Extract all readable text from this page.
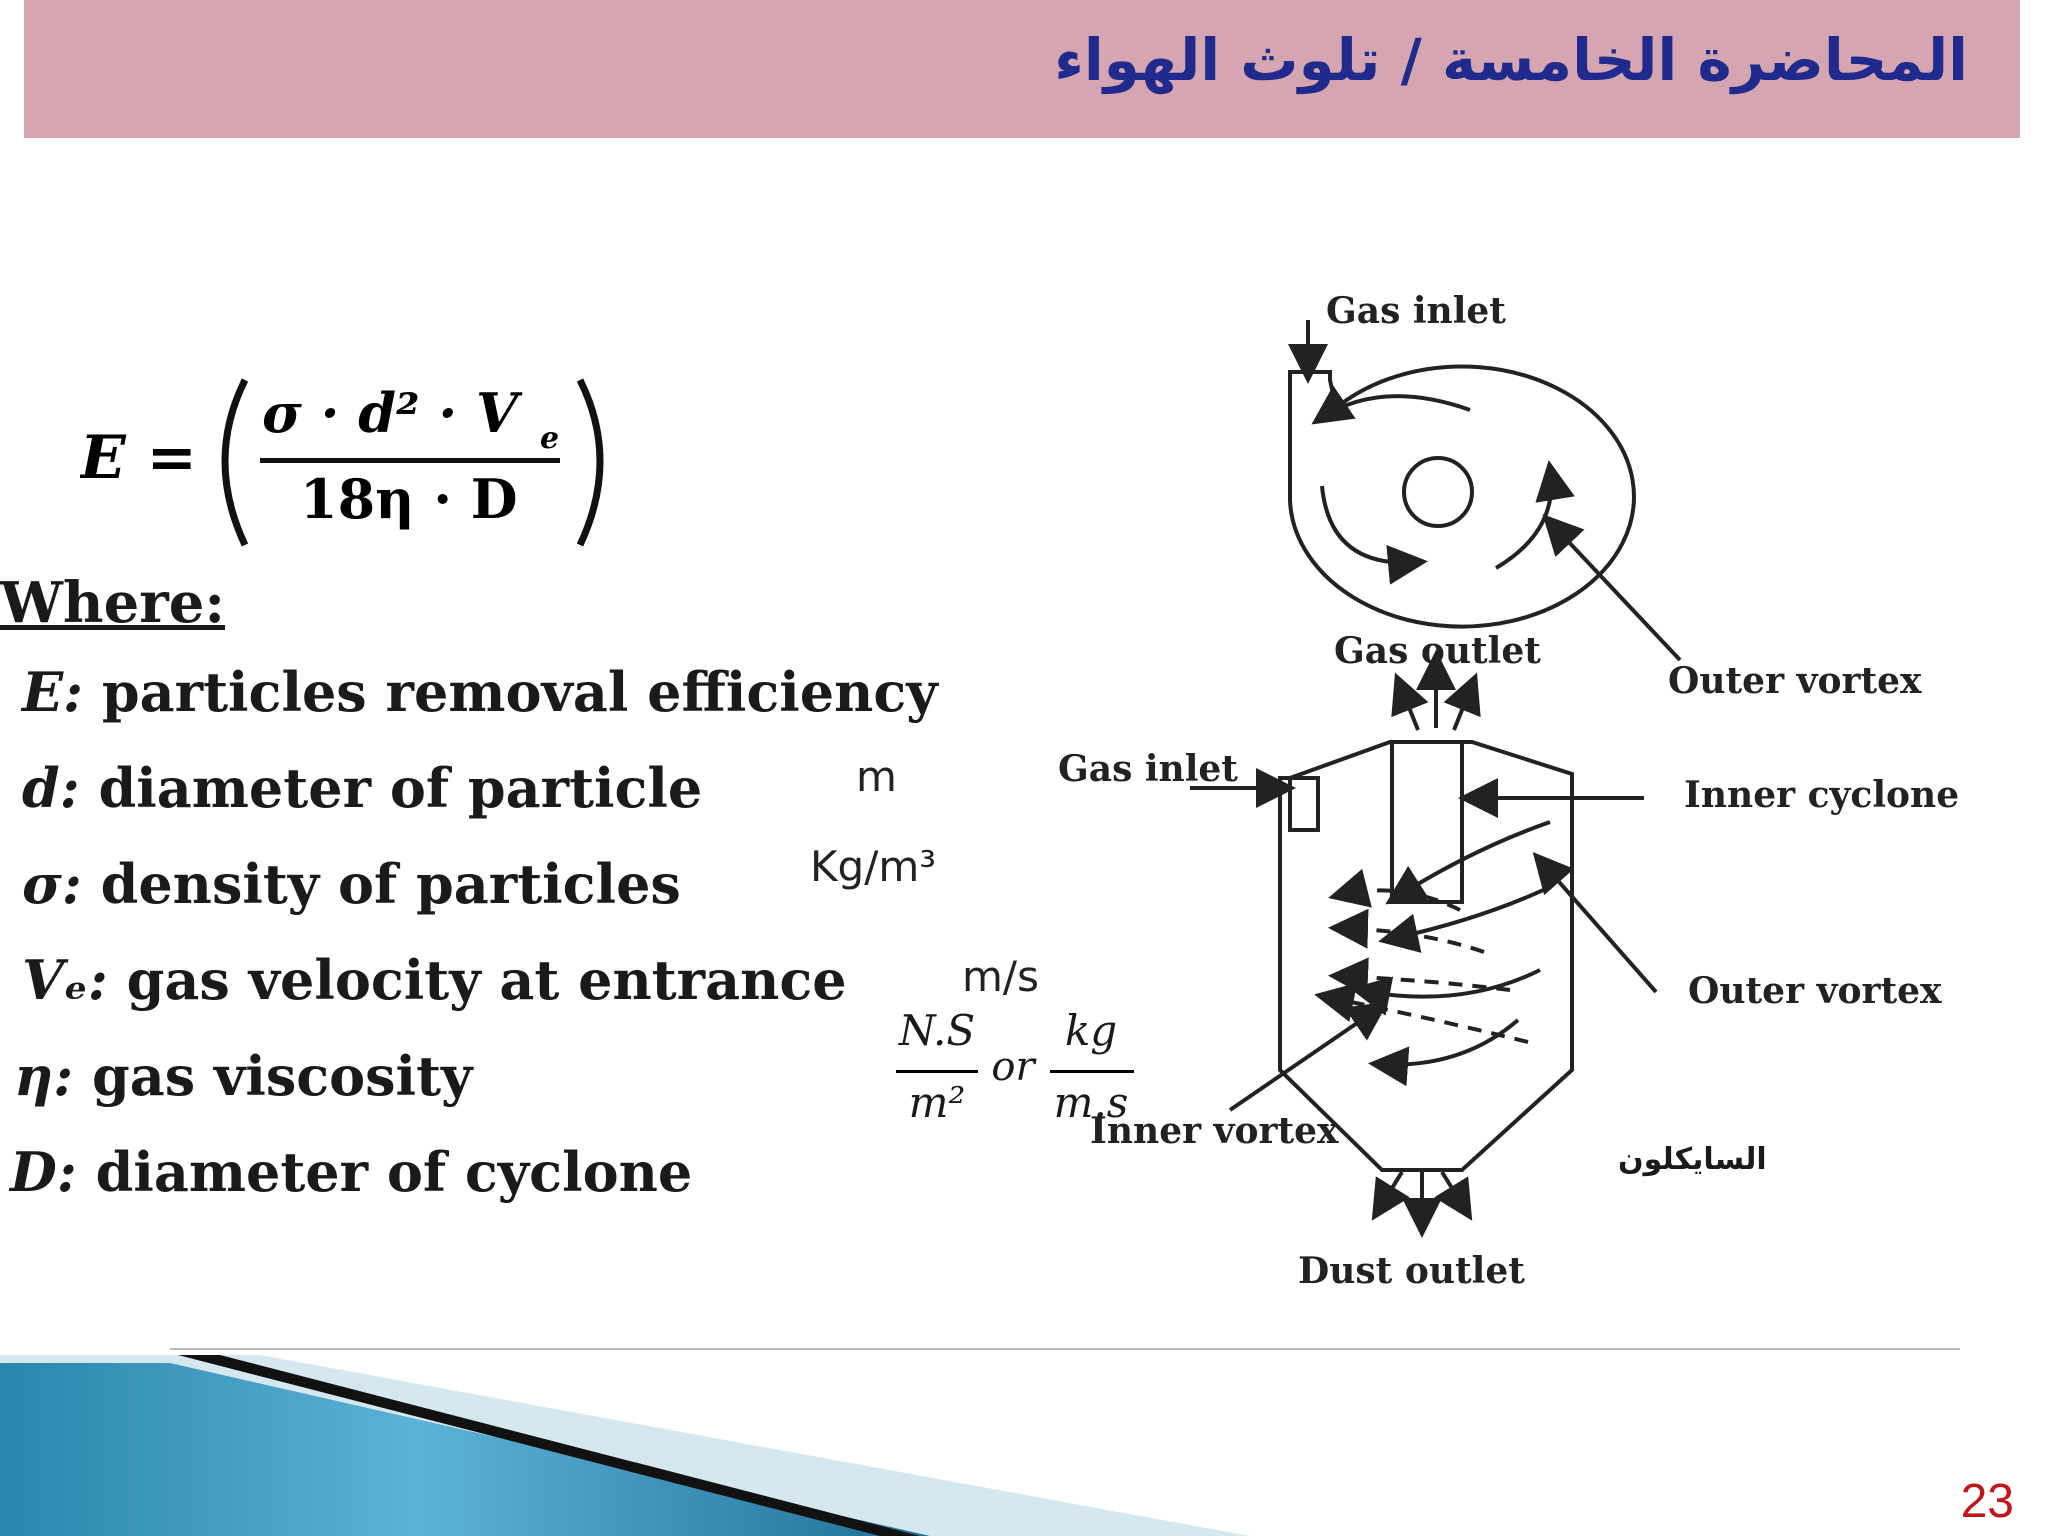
المحاضرة الخامسة / تلوث الهواء
E =
σ · d² · V e
18η · D
Where:
E: particles removal efficiency
d: diameter of particle
σ: density of particles
Vₑ: gas velocity at entrance
η: gas viscosity
D: diameter of cyclone
m
Kg/m³
m/s
N.S
m²
or
kg
m.s
Gas inlet
Gas outlet
Outer vortex
Gas inlet
Inner cyclone
Outer vortex
Inner vortex
Dust outlet
السايكلون
23
